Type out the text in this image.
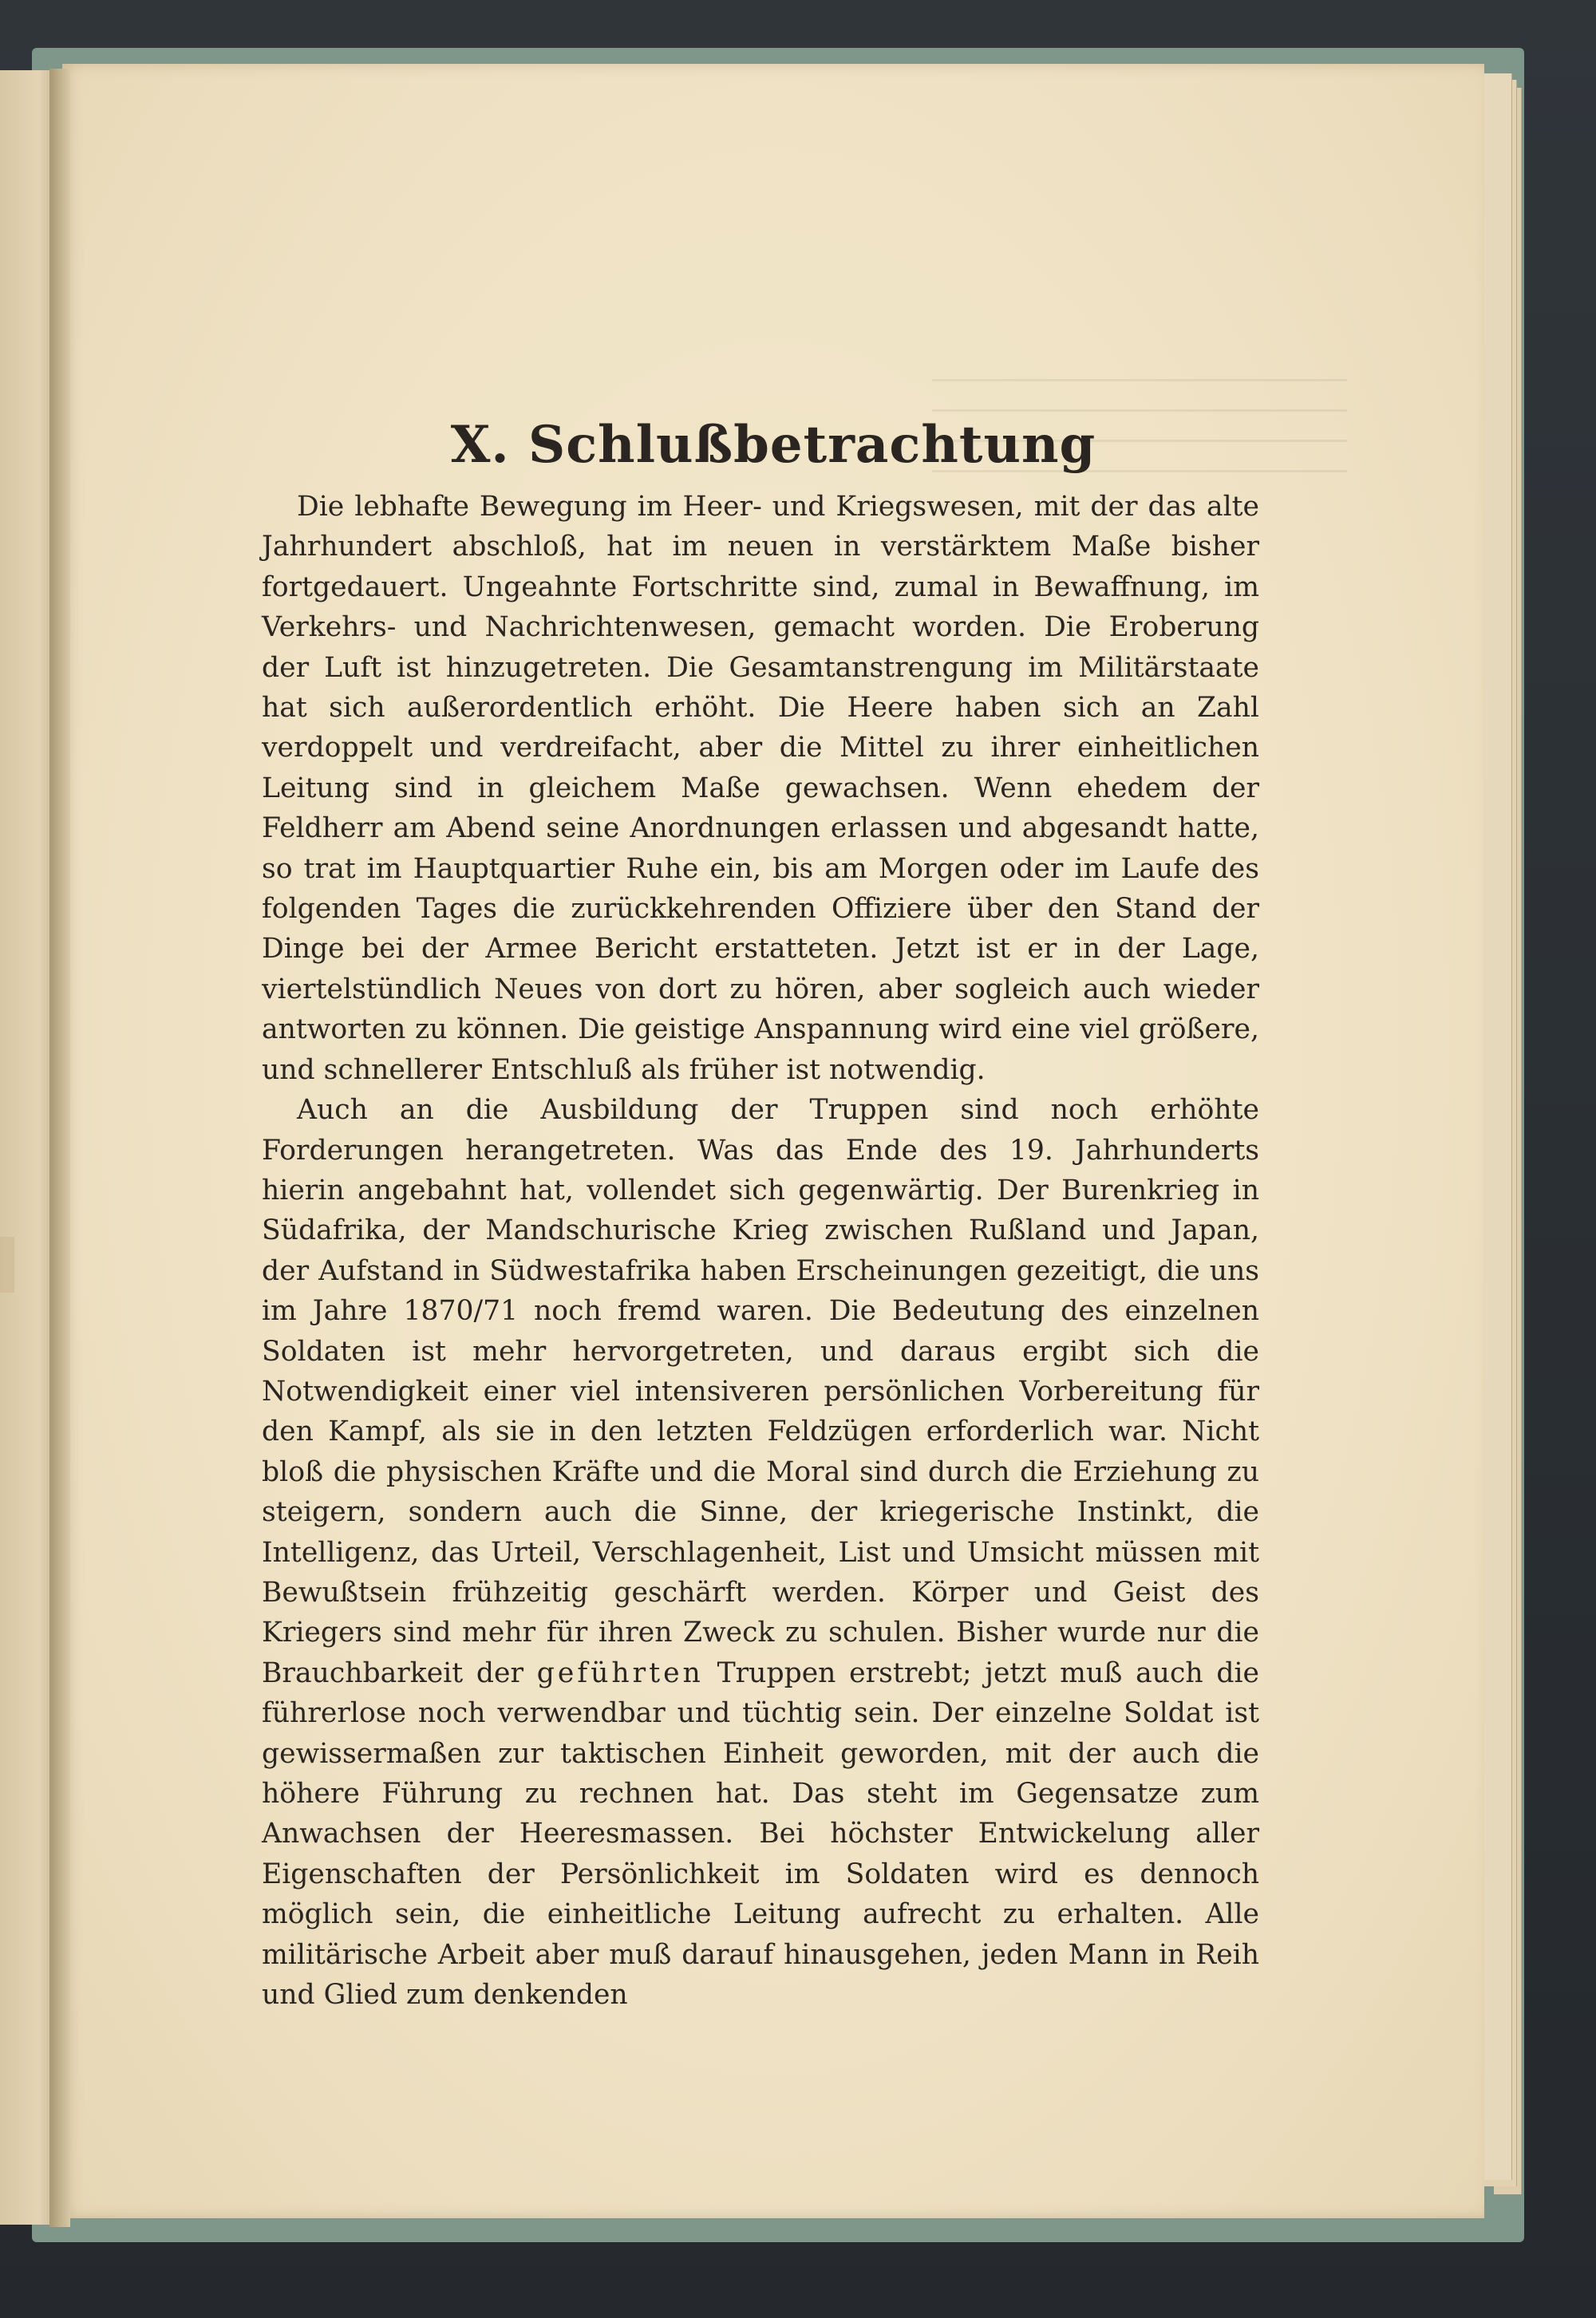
X. Schlußbetrachtung

Die lebhafte Bewegung im Heer- und Kriegswesen, mit der das alte Jahrhundert abschloß, hat im neuen in verstärktem Maße bisher fortgedauert. Ungeahnte Fortschritte sind, zumal in Bewaffnung, im Verkehrs- und Nachrichtenwesen, gemacht worden. Die Eroberung der Luft ist hinzugetreten. Die Gesamtanstrengung im Militärstaate hat sich außerordentlich erhöht. Die Heere haben sich an Zahl verdoppelt und verdreifacht, aber die Mittel zu ihrer einheitlichen Leitung sind in gleichem Maße gewachsen. Wenn ehedem der Feldherr am Abend seine Anordnungen erlassen und abgesandt hatte, so trat im Hauptquartier Ruhe ein, bis am Morgen oder im Laufe des folgenden Tages die zurückkehrenden Offiziere über den Stand der Dinge bei der Armee Bericht erstatteten. Jetzt ist er in der Lage, viertelstündlich Neues von dort zu hören, aber sogleich auch wieder antworten zu können. Die geistige Anspannung wird eine viel größere, und schnellerer Entschluß als früher ist notwendig.

Auch an die Ausbildung der Truppen sind noch erhöhte Forderungen herangetreten. Was das Ende des 19. Jahrhunderts hierin angebahnt hat, vollendet sich gegenwärtig. Der Burenkrieg in Südafrika, der Mandschurische Krieg zwischen Rußland und Japan, der Aufstand in Südwestafrika haben Erscheinungen gezeitigt, die uns im Jahre 1870/71 noch fremd waren. Die Bedeutung des einzelnen Soldaten ist mehr hervorgetreten, und daraus ergibt sich die Notwendigkeit einer viel intensiveren persönlichen Vorbereitung für den Kampf, als sie in den letzten Feldzügen erforderlich war. Nicht bloß die physischen Kräfte und die Moral sind durch die Erziehung zu steigern, sondern auch die Sinne, der kriegerische Instinkt, die Intelligenz, das Urteil, Verschlagenheit, List und Umsicht müssen mit Bewußtsein frühzeitig geschärft werden. Körper und Geist des Kriegers sind mehr für ihren Zweck zu schulen. Bisher wurde nur die Brauchbarkeit der geführten Truppen erstrebt; jetzt muß auch die führerlose noch verwendbar und tüchtig sein. Der einzelne Soldat ist gewissermaßen zur taktischen Einheit geworden, mit der auch die höhere Führung zu rechnen hat. Das steht im Gegensatze zum Anwachsen der Heeresmassen. Bei höchster Entwickelung aller Eigenschaften der Persönlichkeit im Soldaten wird es dennoch möglich sein, die einheitliche Leitung aufrecht zu erhalten. Alle militärische Arbeit aber muß darauf hinausgehen, jeden Mann in Reih und Glied zum denkenden
